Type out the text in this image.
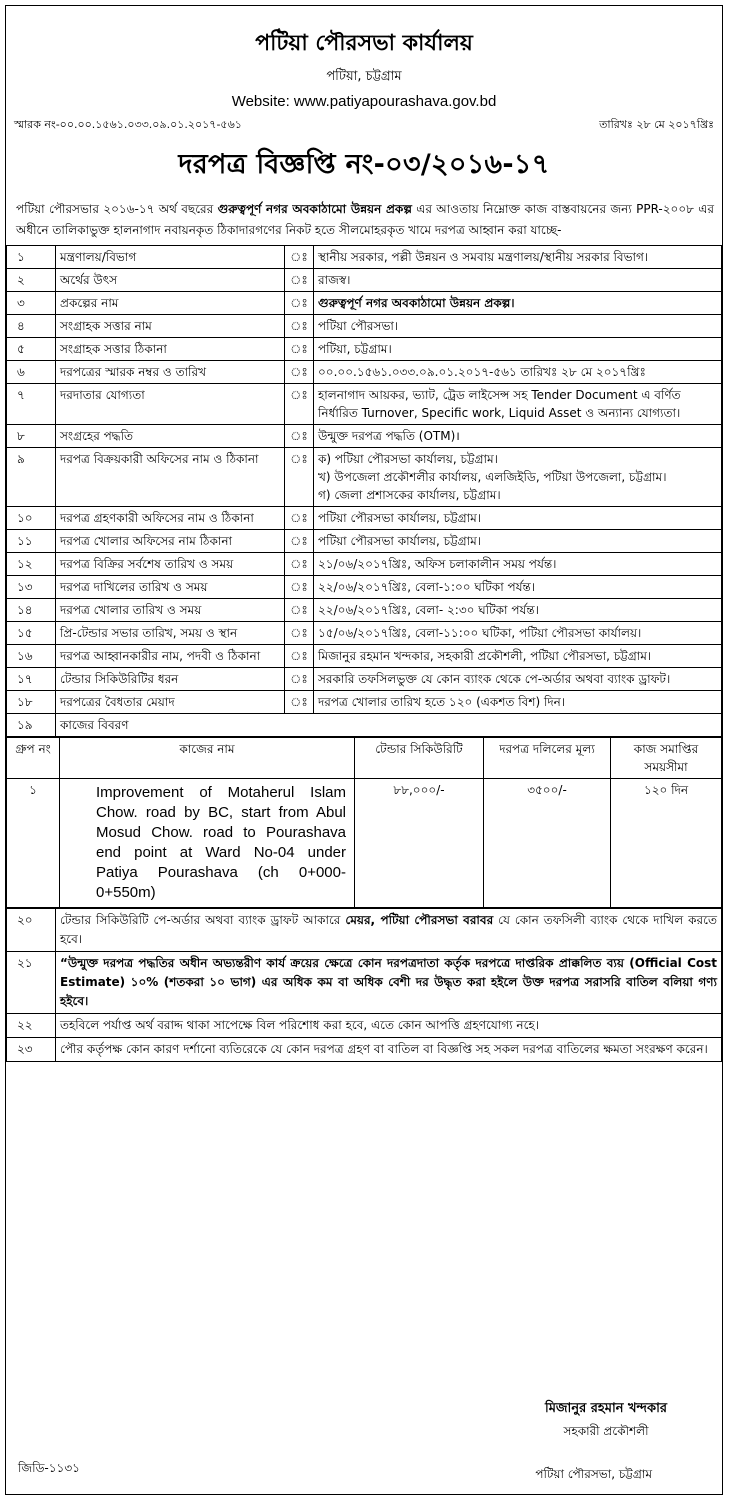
পটিয়া পৌরসভা কার্যালয়
পটিয়া, চট্টগ্রাম
Website: www.patiyapourashava.gov.bd
স্মারক নং-০০.০০.১৫৬১.০৩৩.০৯.০১.২০১৭-৫৬১	তারিখঃ ২৮ মে ২০১৭খ্রিঃ
দরপত্র বিজ্ঞপ্তি নং-০৩/২০১৬-১৭
পটিয়া পৌরসভার ২০১৬-১৭ অর্থ বছরের গুরুত্বপূর্ণ নগর অবকাঠামো উন্নয়ন প্রকল্প এর আওতায় নিম্নোক্ত কাজ বাস্তবায়নের জন্য PPR-২০০৮ এর অধীনে তালিকাভুক্ত হালনাগাদ নবায়নকৃত ঠিকাদারগণের নিকট হতে সীলমোহরকৃত খামে দরপত্র আহ্বান করা যাচ্ছে-
১	মন্ত্রণালয়/বিভাগ	ঃ	স্থানীয় সরকার, পল্লী উন্নয়ন ও সমবায় মন্ত্রণালয়/স্থানীয় সরকার বিভাগ।
২	অর্থের উৎস	ঃ	রাজস্ব।
৩	প্রকল্পের নাম	ঃ	গুরুত্বপূর্ণ নগর অবকাঠামো উন্নয়ন প্রকল্প।
৪	সংগ্রাহক সত্তার নাম	ঃ	পটিয়া পৌরসভা।
৫	সংগ্রাহক সত্তার ঠিকানা	ঃ	পটিয়া, চট্টগ্রাম।
৬	দরপত্রের স্মারক নম্বর ও তারিখ	ঃ	০০.০০.১৫৬১.০৩৩.০৯.০১.২০১৭-৫৬১ তারিখঃ ২৮ মে ২০১৭খ্রিঃ
৭	দরদাতার যোগ্যতা	ঃ	হালনাগাদ আয়কর, ভ্যাট, ট্রেড লাইসেন্স সহ Tender Document এ বর্ণিত নির্ধারিত Turnover, Specific work, Liquid Asset ও অন্যান্য যোগ্যতা।
৮	সংগ্রহের পদ্ধতি	ঃ	উন্মুক্ত দরপত্র পদ্ধতি (OTM)।
৯	দরপত্র বিক্রয়কারী অফিসের নাম ও ঠিকানা	ঃ	ক) পটিয়া পৌরসভা কার্যালয়, চট্টগ্রাম।
খ) উপজেলা প্রকৌশলীর কার্যালয়, এলজিইডি, পটিয়া উপজেলা, চট্টগ্রাম।
গ) জেলা প্রশাসকের কার্যালয়, চট্টগ্রাম।

১০	দরপত্র গ্রহণকারী অফিসের নাম ও ঠিকানা	ঃ	পটিয়া পৌরসভা কার্যালয়, চট্টগ্রাম।
১১	দরপত্র খোলার অফিসের নাম ঠিকানা	ঃ	পটিয়া পৌরসভা কার্যালয়, চট্টগ্রাম।
১২	দরপত্র বিক্রির সর্বশেষ তারিখ ও সময়	ঃ	২১/০৬/২০১৭খ্রিঃ, অফিস চলাকালীন সময় পর্যন্ত।
১৩	দরপত্র দাখিলের তারিখ ও সময়	ঃ	২২/০৬/২০১৭খ্রিঃ, বেলা-১:০০ ঘটিকা পর্যন্ত।
১৪	দরপত্র খোলার তারিখ ও সময়	ঃ	২২/০৬/২০১৭খ্রিঃ, বেলা- ২:৩০ ঘটিকা পর্যন্ত।
১৫	প্রি-টেন্ডার সভার তারিখ, সময় ও স্থান	ঃ	১৫/০৬/২০১৭খ্রিঃ, বেলা-১১:০০ ঘটিকা, পটিয়া পৌরসভা কার্যালয়।
১৬	দরপত্র আহ্বানকারীর নাম, পদবী ও ঠিকানা	ঃ	মিজানুর রহমান খন্দকার, সহকারী প্রকৌশলী, পটিয়া পৌরসভা, চট্টগ্রাম।
১৭	টেন্ডার সিকিউরিটির ধরন	ঃ	সরকারি তফসিলভুক্ত যে কোন ব্যাংক থেকে পে-অর্ডার অথবা ব্যাংক ড্রাফট।
১৮	দরপত্রের বৈধতার মেয়াদ	ঃ	দরপত্র খোলার তারিখ হতে ১২০ (একশত বিশ) দিন।
১৯	কাজের বিবরণ		
গ্রুপ নং	কাজের নাম	টেন্ডার সিকিউরিটি	দরপত্র দলিলের মূল্য	কাজ সমাপ্তির সময়সীমা
১	Improvement of Motaherul Islam Chow. road by BC, start from Abul Mosud Chow. road to Pourashava end point at Ward No-04 under Patiya Pourashava (ch 0+000-0+550m)	৮৮,০০০/-	৩৫০০/-	১২০ দিন
২০	টেন্ডার সিকিউরিটি পে-অর্ডার অথবা ব্যাংক ড্রাফট আকারে মেয়র, পটিয়া পৌরসভা বরাবর যে কোন তফসিলী ব্যাংক থেকে দাখিল করতে হবে।
২১	“উন্মুক্ত দরপত্র পদ্ধতির অধীন অভ্যন্তরীণ কার্য ক্রয়ের ক্ষেত্রে কোন দরপত্রদাতা কর্তৃক দরপত্রে দাপ্তরিক প্রাক্কলিত ব্যয় (Official Cost Estimate) ১০% (শতকরা ১০ ভাগ) এর অধিক কম বা অধিক বেশী দর উদ্ধৃত করা হইলে উক্ত দরপত্র সরাসরি বাতিল বলিয়া গণ্য হইবে।
২২	তহবিলে পর্যাপ্ত অর্থ বরাদ্দ থাকা সাপেক্ষে বিল পরিশোধ করা হবে, এতে কোন আপত্তি গ্রহণযোগ্য নহে।
২৩	পৌর কর্তৃপক্ষ কোন কারণ দর্শানো ব্যতিরেকে যে কোন দরপত্র গ্রহণ বা বাতিল বা বিজ্ঞপ্তি সহ সকল দরপত্র বাতিলের ক্ষমতা সংরক্ষণ করেন।
মিজানুর রহমান খন্দকার
সহকারী প্রকৌশলী
জিডি-১১৩১	পটিয়া পৌরসভা, চট্টগ্রাম
